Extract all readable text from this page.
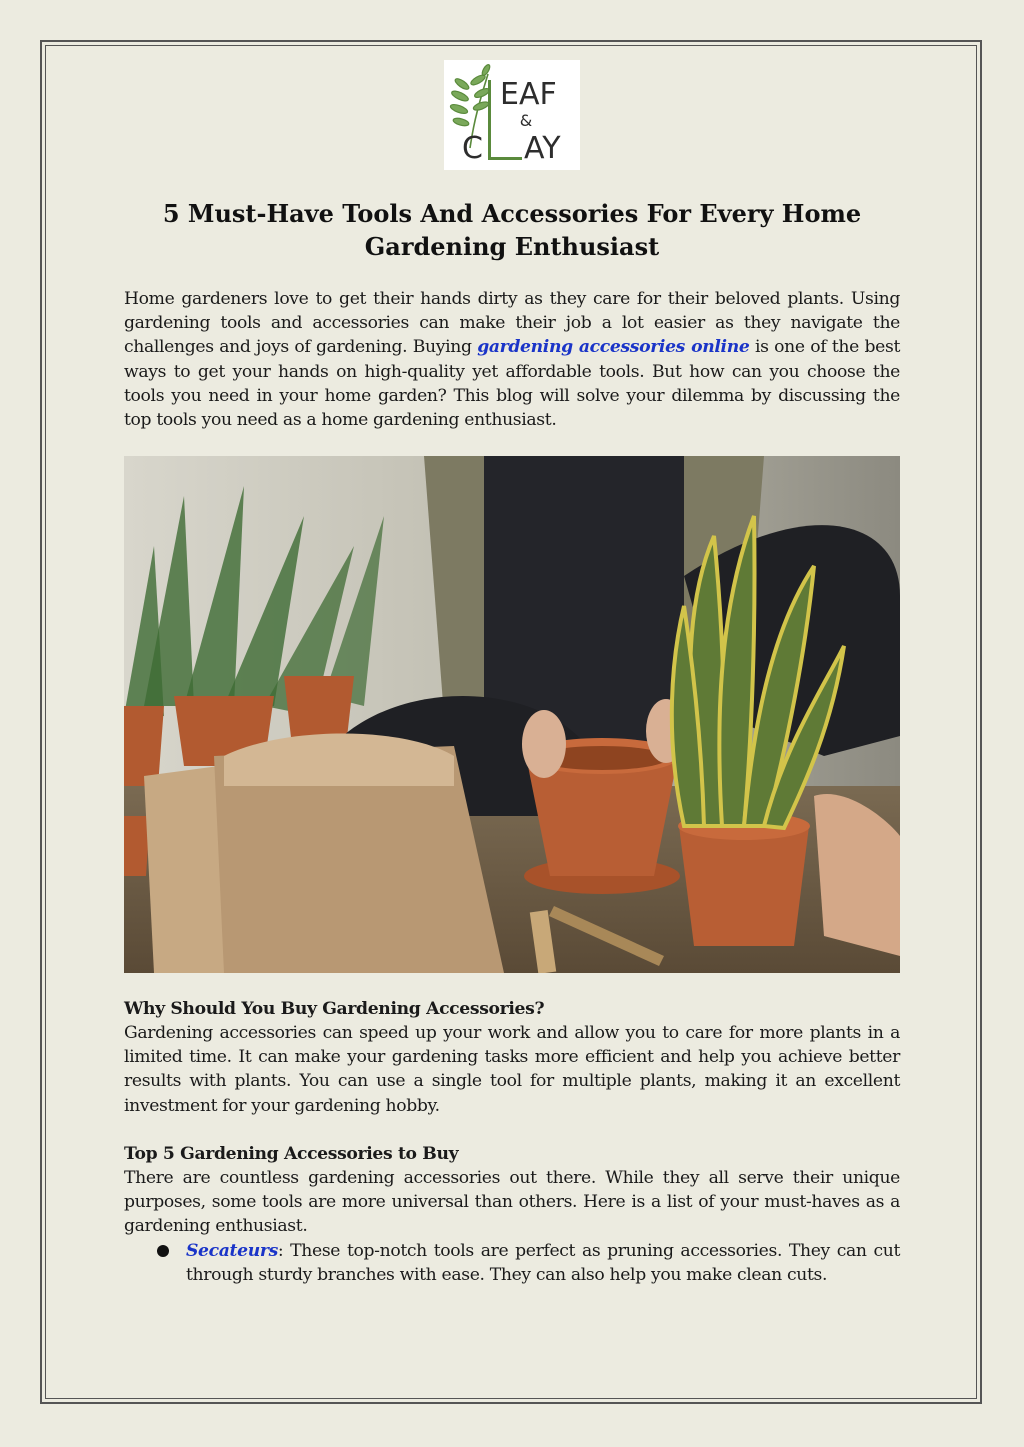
EAF
&
C AY
5 Must-Have Tools And Accessories For Every Home
Gardening Enthusiast

Home gardeners love to get their hands dirty as they care for their beloved plants. Using gardening tools and accessories can make their job a lot easier as they navigate the challenges and joys of gardening. Buying gardening accessories online is one of the best ways to get your hands on high-quality yet affordable tools. But how can you choose the tools you need in your home garden? This blog will solve your dilemma by discussing the top tools you need as a home gardening enthusiast.

Why Should You Buy Gardening Accessories?

Gardening accessories can speed up your work and allow you to care for more plants in a limited time. It can make your gardening tasks more efficient and help you achieve better results with plants. You can use a single tool for multiple plants, making it an excellent investment for your gardening hobby.

Top 5 Gardening Accessories to Buy

There are countless gardening accessories out there. While they all serve their unique purposes, some tools are more universal than others. Here is a list of your must-haves as a gardening enthusiast.

Secateurs: These top-notch tools are perfect as pruning accessories. They can cut through sturdy branches with ease. They can also help you make clean cuts.
